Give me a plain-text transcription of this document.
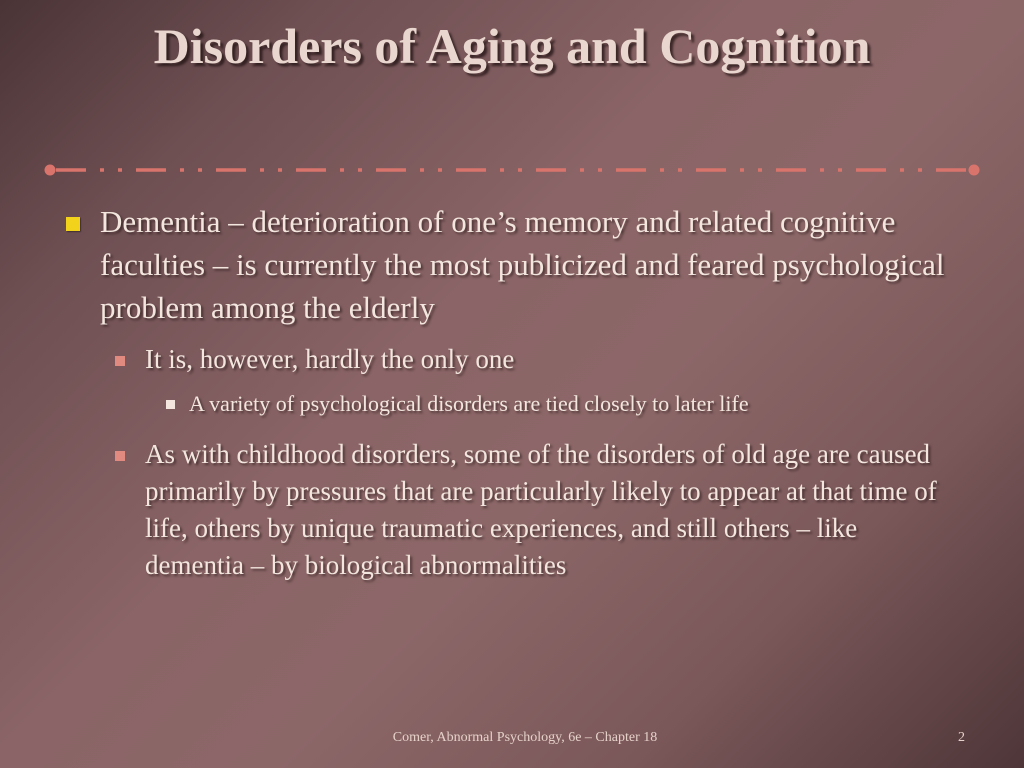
Disorders of Aging and Cognition
Dementia – deterioration of one’s memory and related cognitive faculties – is currently the most publicized and feared psychological problem among the elderly
It is, however, hardly the only one
A variety of psychological disorders are tied closely to later life
As with childhood disorders, some of the disorders of old age are caused primarily by pressures that are particularly likely to appear at that time of life, others by unique traumatic experiences, and still others – like dementia – by biological abnormalities
Comer, Abnormal Psychology, 6e – Chapter 18	2
